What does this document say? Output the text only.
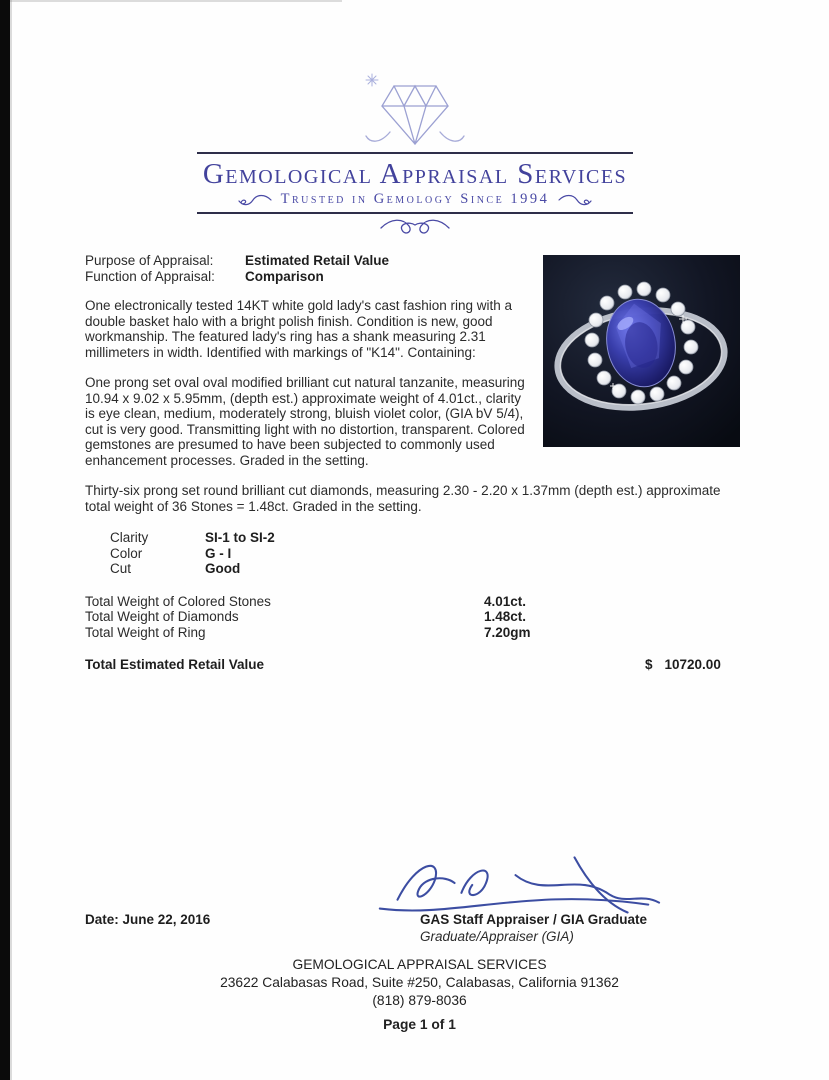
Gemological Appraisal Services
Trusted in Gemology Since 1994
Purpose of Appraisal: Estimated Retail Value
Function of Appraisal: Comparison
One electronically tested 14KT white gold lady's cast fashion ring with a double basket halo with a bright polish finish. Condition is new, good workmanship. The featured lady's ring has a shank measuring 2.31 millimeters in width. Identified with markings of "K14". Containing:
One prong set oval oval modified brilliant cut natural tanzanite, measuring 10.94 x 9.02 x 5.95mm, (depth est.) approximate weight of 4.01ct., clarity is eye clean, medium, moderately strong, bluish violet color, (GIA bV 5/4), cut is very good. Transmitting light with no distortion, transparent. Colored gemstones are presumed to have been subjected to commonly used enhancement processes. Graded in the setting.
Thirty-six prong set round brilliant cut diamonds, measuring 2.30 - 2.20 x 1.37mm (depth est.) approximate total weight of 36 Stones = 1.48ct. Graded in the setting.
Clarity	SI-1 to SI-2
Color	G - I
Cut	Good
Total Weight of Colored Stones	4.01ct.
Total Weight of Diamonds	1.48ct.
Total Weight of Ring	7.20gm
Total Estimated Retail Value	$ 10720.00
Date: June 22, 2016	GAS Staff Appraiser / GIA Graduate
Graduate/Appraiser (GIA)
GEMOLOGICAL APPRAISAL SERVICES
23622 Calabasas Road, Suite #250, Calabasas, California 91362
(818) 879-8036
Page 1 of 1
